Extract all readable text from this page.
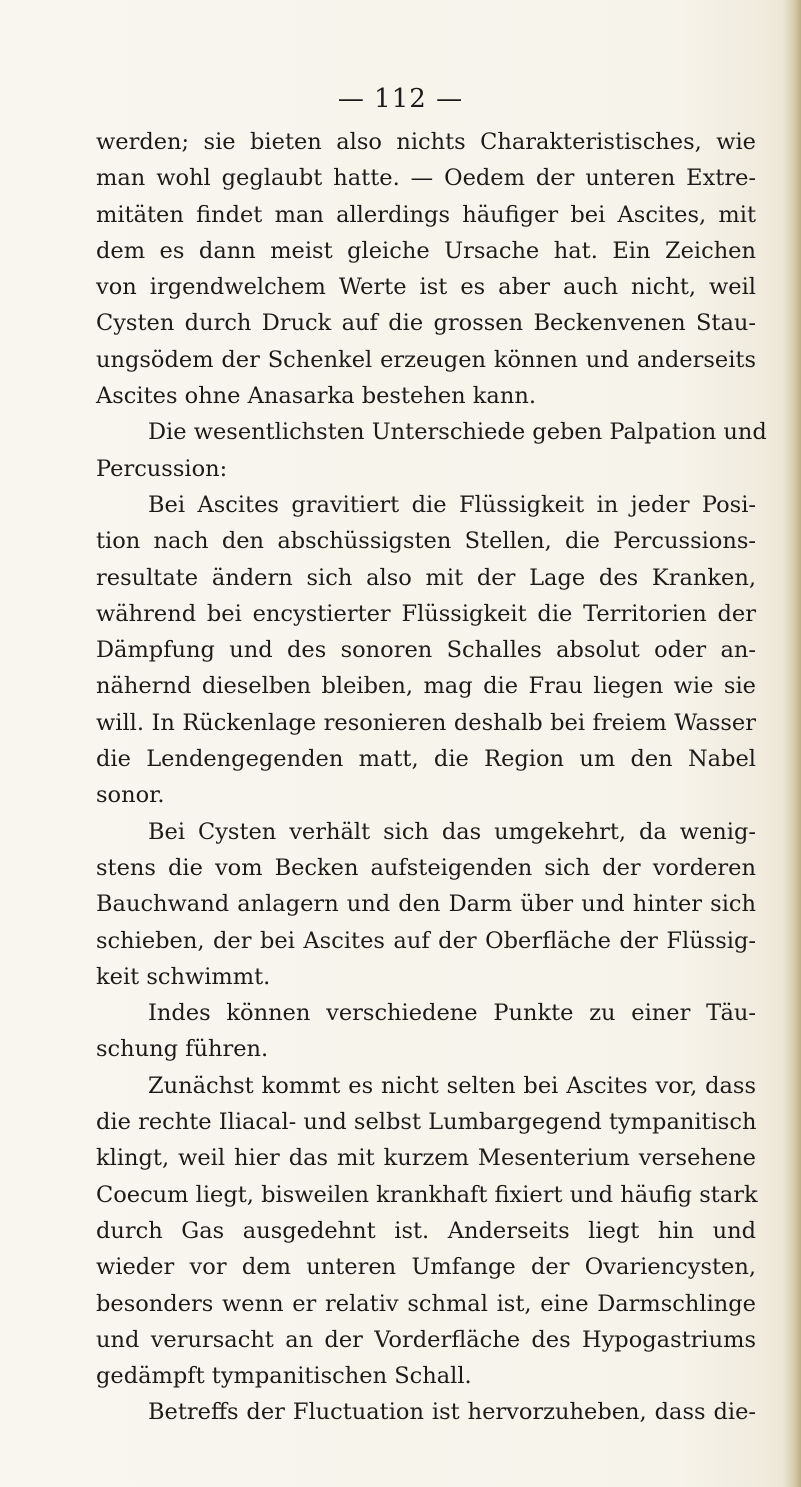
— 112 —
werden; sie bieten also nichts Charakteristisches, wie
man wohl geglaubt hatte. — Oedem der unteren Extre-
mitäten findet man allerdings häufiger bei Ascites, mit
dem es dann meist gleiche Ursache hat. Ein Zeichen
von irgendwelchem Werte ist es aber auch nicht, weil
Cysten durch Druck auf die grossen Beckenvenen Stau-
ungsödem der Schenkel erzeugen können und anderseits
Ascites ohne Anasarka bestehen kann.
Die wesentlichsten Unterschiede geben Palpation und
Percussion:
Bei Ascites gravitiert die Flüssigkeit in jeder Posi-
tion nach den abschüssigsten Stellen, die Percussions-
resultate ändern sich also mit der Lage des Kranken,
während bei encystierter Flüssigkeit die Territorien der
Dämpfung und des sonoren Schalles absolut oder an-
nähernd dieselben bleiben, mag die Frau liegen wie sie
will. In Rückenlage resonieren deshalb bei freiem Wasser
die Lendengegenden matt, die Region um den Nabel
sonor.
Bei Cysten verhält sich das umgekehrt, da wenig-
stens die vom Becken aufsteigenden sich der vorderen
Bauchwand anlagern und den Darm über und hinter sich
schieben, der bei Ascites auf der Oberfläche der Flüssig-
keit schwimmt.
Indes können verschiedene Punkte zu einer Täu-
schung führen.
Zunächst kommt es nicht selten bei Ascites vor, dass
die rechte Iliacal- und selbst Lumbargegend tympanitisch
klingt, weil hier das mit kurzem Mesenterium versehene
Coecum liegt, bisweilen krankhaft fixiert und häufig stark
durch Gas ausgedehnt ist. Anderseits liegt hin und
wieder vor dem unteren Umfange der Ovariencysten,
besonders wenn er relativ schmal ist, eine Darmschlinge
und verursacht an der Vorderfläche des Hypogastriums
gedämpft tympanitischen Schall.
Betreffs der Fluctuation ist hervorzuheben, dass die-
